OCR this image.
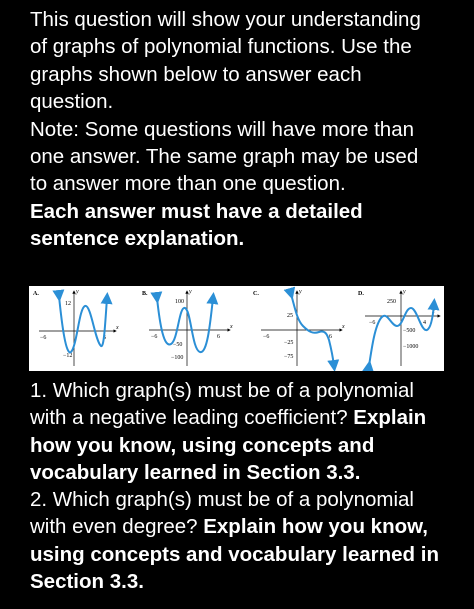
This question will show your understanding
of graphs of polynomial functions. Use the
graphs shown below to answer each
question.
Note: Some questions will have more than
one answer. The same graph may be used
to answer more than one question.
Each answer must have a detailed
sentence explanation.
A.
x
y
−6	6
12
−12
B.
x
y
−6	6
100
−50
−100
C.
x
y
−6	6
25
−25
−75
D.
x
y
−6	4
250
−500
−1000
1. Which graph(s) must be of a polynomial
with a negative leading coefficient? Explain
how you know, using concepts and
vocabulary learned in Section 3.3.
2. Which graph(s) must be of a polynomial
with even degree? Explain how you know,
using concepts and vocabulary learned in
Section 3.3.
